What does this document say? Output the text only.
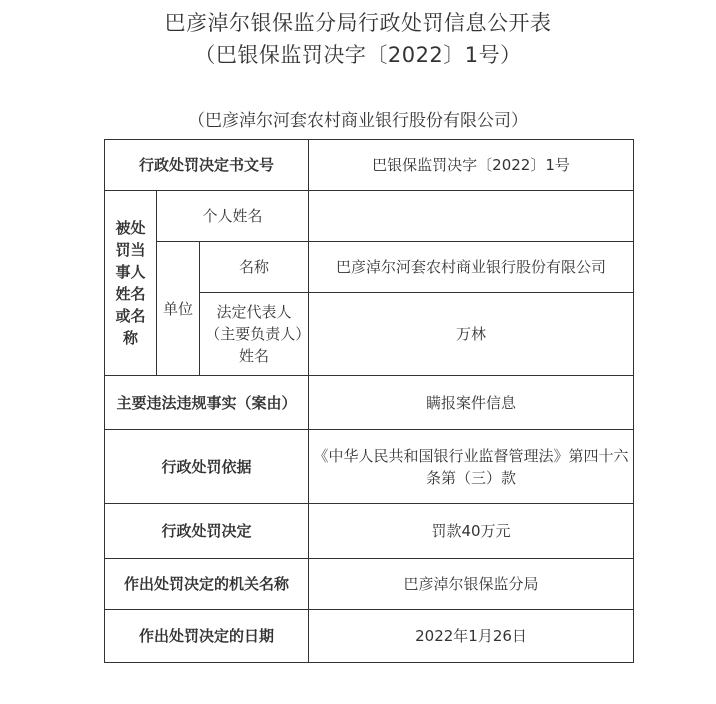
巴彦淖尔银保监分局行政处罚信息公开表
（巴银保监罚决字〔2022〕1号）
（巴彦淖尔河套农村商业银行股份有限公司）
行政处罚决定书文号			巴银保监罚决字〔2022〕1号
被处罚当事人姓名或名称	个人姓名		
	单位	名称	巴彦淖尔河套农村商业银行股份有限公司
		法定代表人（主要负责人）姓名	万林
主要违法违规事实（案由）			瞒报案件信息
行政处罚依据			《中华人民共和国银行业监督管理法》第四十六条第（三）款
行政处罚决定			罚款40万元
作出处罚决定的机关名称			巴彦淖尔银保监分局
作出处罚决定的日期			2022年1月26日
